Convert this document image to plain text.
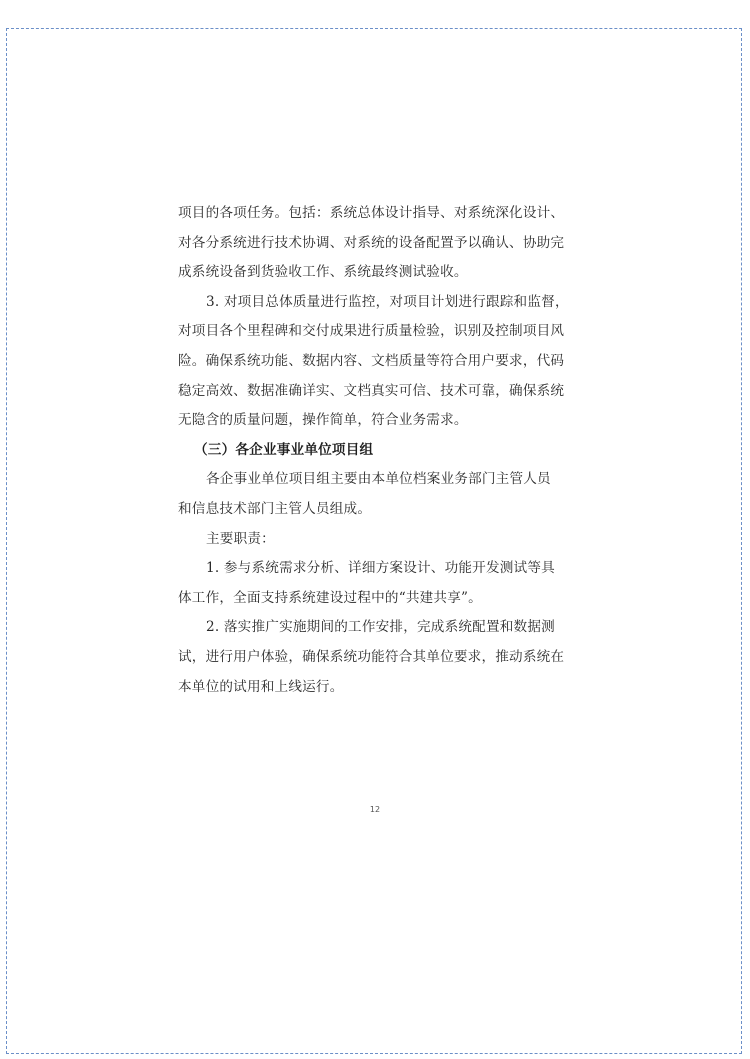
项目的各项任务。包括：系统总体设计指导、对系统深化设计、
对各分系统进行技术协调、对系统的设备配置予以确认、协助完
成系统设备到货验收工作、系统最终测试验收。
3. 对项目总体质量进行监控，对项目计划进行跟踪和监督，
对项目各个里程碑和交付成果进行质量检验，识别及控制项目风
险。确保系统功能、数据内容、文档质量等符合用户要求，代码
稳定高效、数据准确详实、文档真实可信、技术可靠，确保系统
无隐含的质量问题，操作简单，符合业务需求。
（三）各企业事业单位项目组
各企事业单位项目组主要由本单位档案业务部门主管人员
和信息技术部门主管人员组成。
主要职责：
1. 参与系统需求分析、详细方案设计、功能开发测试等具
体工作，全面支持系统建设过程中的“共建共享”。
2. 落实推广实施期间的工作安排，完成系统配置和数据测
试，进行用户体验，确保系统功能符合其单位要求，推动系统在
本单位的试用和上线运行。
12
